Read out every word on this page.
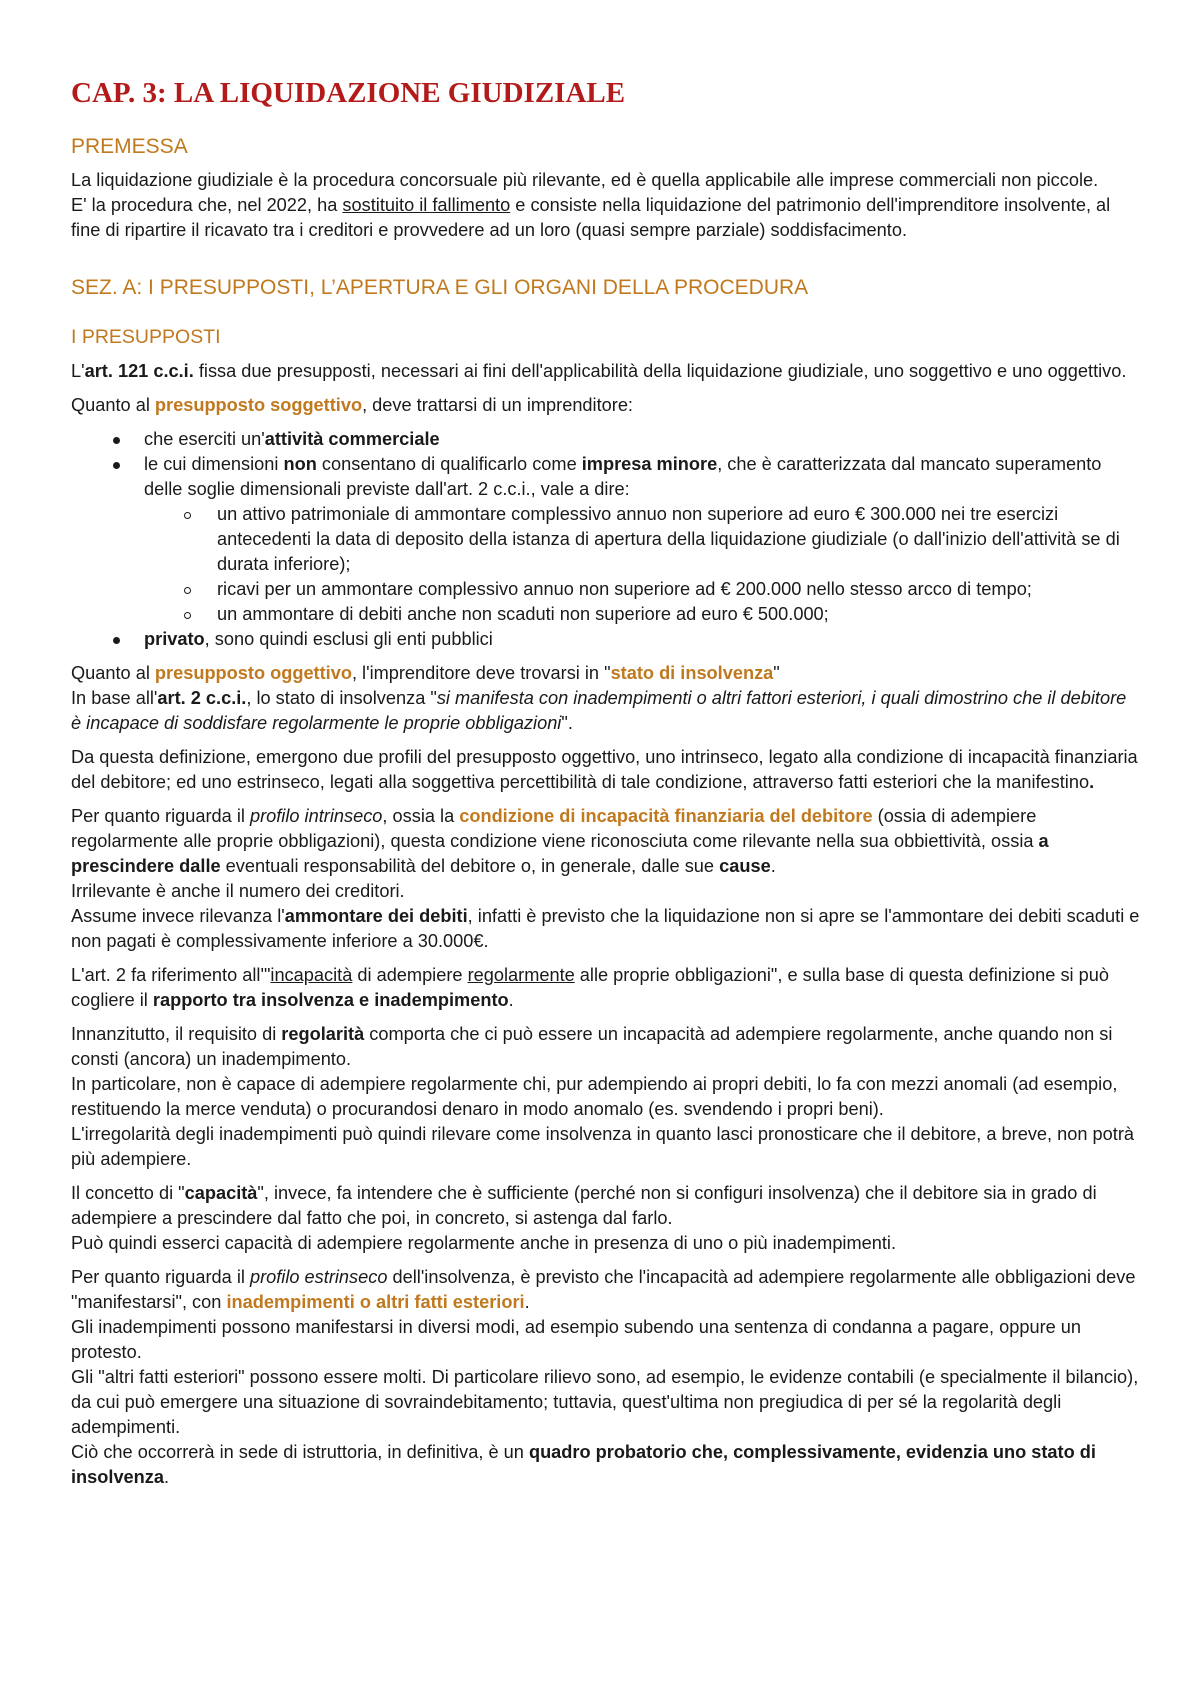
CAP. 3: LA LIQUIDAZIONE GIUDIZIALE
PREMESSA

La liquidazione giudiziale è la procedura concorsuale più rilevante, ed è quella applicabile alle imprese commerciali non piccole.
E' la procedura che, nel 2022, ha sostituito il fallimento e consiste nella liquidazione del patrimonio dell'imprenditore insolvente, al fine di ripartire il ricavato tra i creditori e provvedere ad un loro (quasi sempre parziale) soddisfacimento.

SEZ. A: I PRESUPPOSTI, L’APERTURA E GLI ORGANI DELLA PROCEDURA
I PRESUPPOSTI

L'art. 121 c.c.i. fissa due presupposti, necessari ai fini dell'applicabilità della liquidazione giudiziale, uno soggettivo e uno oggettivo.

Quanto al presupposto soggettivo, deve trattarsi di un imprenditore:

che eserciti un'attività commerciale
le cui dimensioni non consentano di qualificarlo come impresa minore, che è caratterizzata dal mancato superamento delle soglie dimensionali previste dall'art. 2 c.c.i., vale a dire:
un attivo patrimoniale di ammontare complessivo annuo non superiore ad euro € 300.000 nei tre esercizi antecedenti la data di deposito della istanza di apertura della liquidazione giudiziale (o dall'inizio dell'attività se di durata inferiore);
ricavi per un ammontare complessivo annuo non superiore ad € 200.000 nello stesso arcco di tempo;
un ammontare di debiti anche non scaduti non superiore ad euro € 500.000;
privato, sono quindi esclusi gli enti pubblici

Quanto al presupposto oggettivo, l'imprenditore deve trovarsi in "stato di insolvenza"
In base all'art. 2 c.c.i., lo stato di insolvenza "si manifesta con inadempimenti o altri fattori esteriori, i quali dimostrino che il debitore è incapace di soddisfare regolarmente le proprie obbligazioni".

Da questa definizione, emergono due profili del presupposto oggettivo, uno intrinseco, legato alla condizione di incapacità finanziaria del debitore; ed uno estrinseco, legati alla soggettiva percettibilità di tale condizione, attraverso fatti esteriori che la manifestino.

Per quanto riguarda il profilo intrinseco, ossia la condizione di incapacità finanziaria del debitore (ossia di adempiere regolarmente alle proprie obbligazioni), questa condizione viene riconosciuta come rilevante nella sua obbiettività, ossia a prescindere dalle eventuali responsabilità del debitore o, in generale, dalle sue cause.
Irrilevante è anche il numero dei creditori.
Assume invece rilevanza l'ammontare dei debiti, infatti è previsto che la liquidazione non si apre se l'ammontare dei debiti scaduti e non pagati è complessivamente inferiore a 30.000€.

L'art. 2 fa riferimento all'"incapacità di adempiere regolarmente alle proprie obbligazioni", e sulla base di questa definizione si può cogliere il rapporto tra insolvenza e inadempimento.

Innanzitutto, il requisito di regolarità comporta che ci può essere un incapacità ad adempiere regolarmente, anche quando non si consti (ancora) un inadempimento.
In particolare, non è capace di adempiere regolarmente chi, pur adempiendo ai propri debiti, lo fa con mezzi anomali (ad esempio, restituendo la merce venduta) o procurandosi denaro in modo anomalo (es. svendendo i propri beni).
L'irregolarità degli inadempimenti può quindi rilevare come insolvenza in quanto lasci pronosticare che il debitore, a breve, non potrà più adempiere.

Il concetto di "capacità", invece, fa intendere che è sufficiente (perché non si configuri insolvenza) che il debitore sia in grado di adempiere a prescindere dal fatto che poi, in concreto, si astenga dal farlo.
Può quindi esserci capacità di adempiere regolarmente anche in presenza di uno o più inadempimenti.

Per quanto riguarda il profilo estrinseco dell'insolvenza, è previsto che l'incapacità ad adempiere regolarmente alle obbligazioni deve "manifestarsi", con inadempimenti o altri fatti esteriori.
Gli inadempimenti possono manifestarsi in diversi modi, ad esempio subendo una sentenza di condanna a pagare, oppure un protesto.
Gli "altri fatti esteriori" possono essere molti. Di particolare rilievo sono, ad esempio, le evidenze contabili (e specialmente il bilancio), da cui può emergere una situazione di sovraindebitamento; tuttavia, quest'ultima non pregiudica di per sé la regolarità degli adempimenti.
Ciò che occorrerà in sede di istruttoria, in definitiva, è un quadro probatorio che, complessivamente, evidenzia uno stato di insolvenza.
